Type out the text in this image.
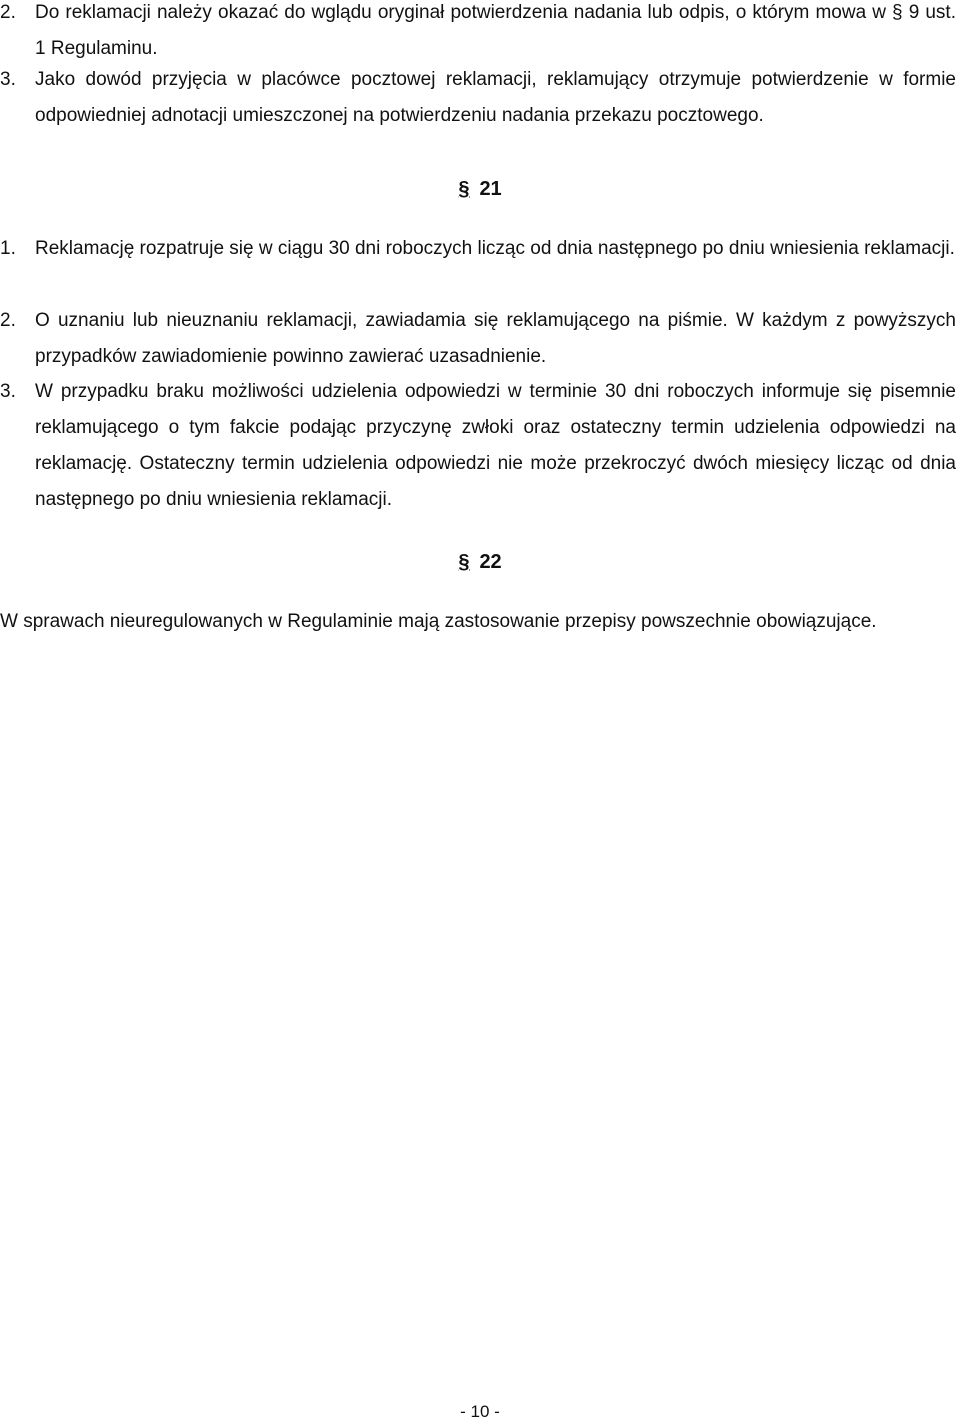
2.	Do reklamacji należy okazać do wglądu oryginał potwierdzenia nadania lub odpis, o którym mowa w § 9 ust. 1 Regulaminu.
3.	Jako dowód przyjęcia w placówce pocztowej reklamacji, reklamujący otrzymuje potwierdzenie w formie odpowiedniej adnotacji umieszczonej na potwierdzeniu nadania przekazu pocztowego.
§ 21
1.	Reklamację rozpatruje się w ciągu 30 dni roboczych licząc od dnia następnego po dniu wniesienia reklamacji.
2.	O uznaniu lub nieuznaniu reklamacji, zawiadamia się reklamującego na piśmie. W każdym z powyższych przypadków zawiadomienie powinno zawierać uzasadnienie.
3.	W przypadku braku możliwości udzielenia odpowiedzi w terminie 30 dni roboczych informuje się pisemnie reklamującego o tym fakcie podając przyczynę zwłoki oraz ostateczny termin udzielenia odpowiedzi na reklamację. Ostateczny termin udzielenia odpowiedzi nie może przekroczyć dwóch miesięcy licząc od dnia następnego po dniu wniesienia reklamacji.
§ 22
W sprawach nieuregulowanych w Regulaminie mają zastosowanie przepisy powszechnie obowiązujące.
- 10 -
